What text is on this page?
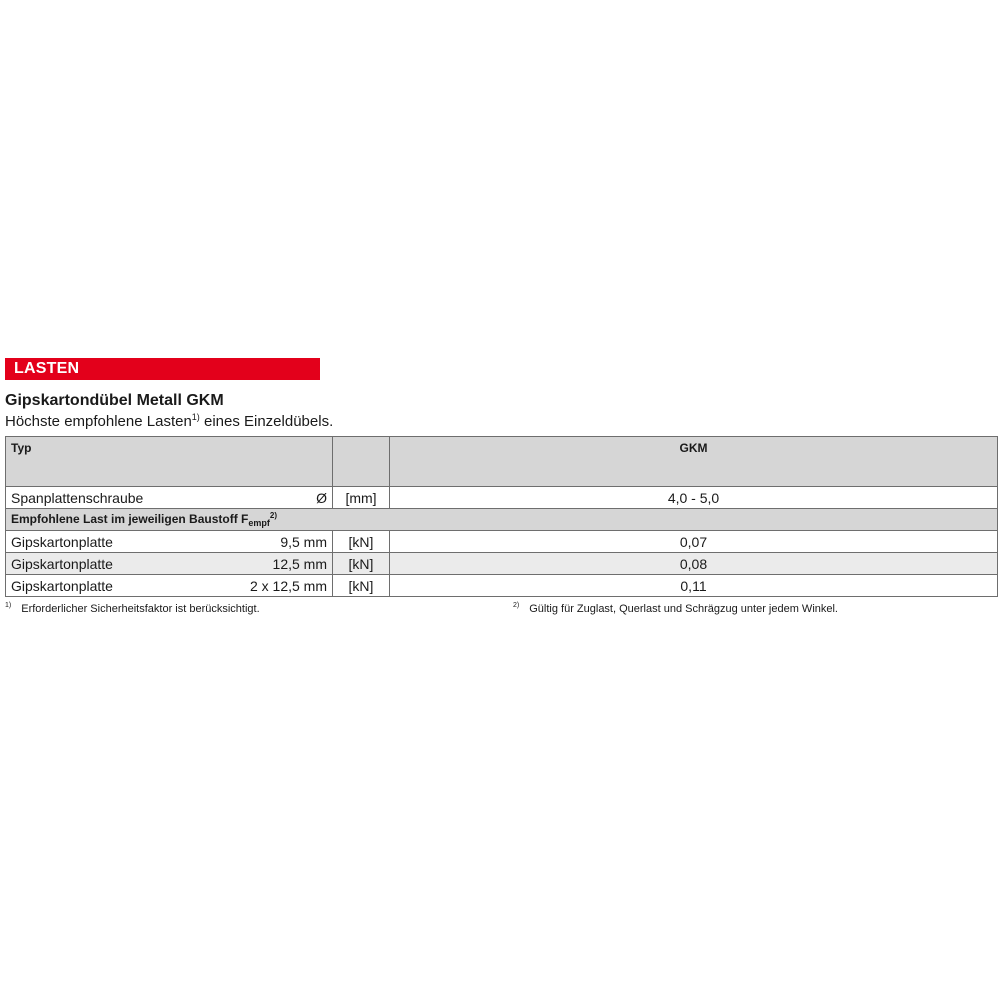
LASTEN
Gipskartondübel Metall GKM
Höchste empfohlene Lasten$^{1)}$ eines Einzeldübels.
Typ		GKM

Spanplattenschraube Ø	[mm]	4,0 - 5,0
Empfohlene Last im jeweiligen Baustoff $F_{empf}^{2)}$

Gipskartonplatte 9,5 mm	[kN]	0,07

Gipskartonplatte 12,5 mm	[kN]	0,08

Gipskartonplatte 2 x 12,5 mm	[kN]	0,11
$^{1)}$ Erforderlicher Sicherheitsfaktor ist berücksichtigt.	$^{2)}$ Gültig für Zuglast, Querlast und Schrägzug unter jedem Winkel.
